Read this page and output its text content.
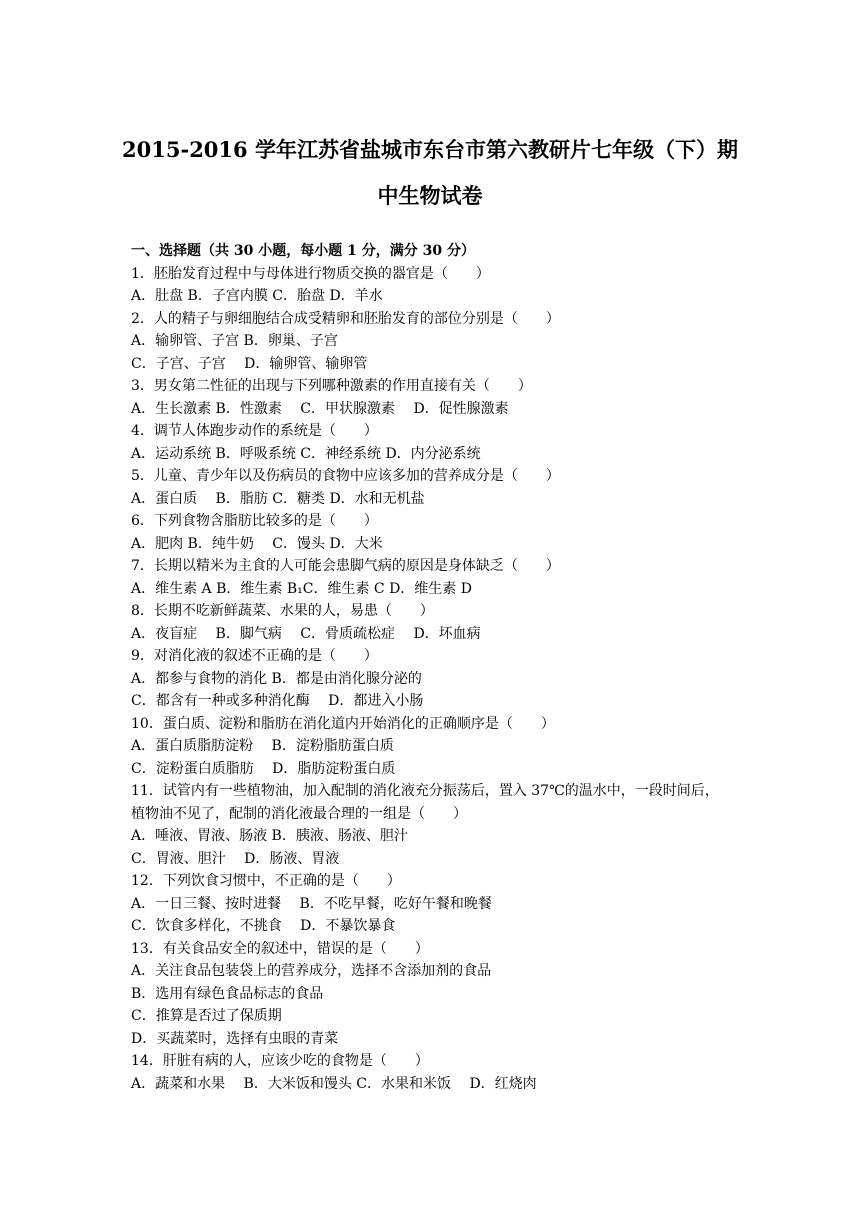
2015-2016 学年江苏省盐城市东台市第六教研片七年级（下）期
中生物试卷
一、选择题（共 30 小题，每小题 1 分，满分 30 分）
1．胚胎发育过程中与母体进行物质交换的器官是（　　）
A．肚盘 B．子宫内膜 C．胎盘 D．羊水
2．人的精子与卵细胞结合成受精卵和胚胎发育的部位分别是（　　）
A．输卵管、子宫 B．卵巢、子宫
C．子宫、子宫　 D．输卵管、输卵管
3．男女第二性征的出现与下列哪种激素的作用直接有关（　　）
A．生长激素 B．性激素　 C．甲状腺激素　 D．促性腺激素
4．调节人体跑步动作的系统是（　　）
A．运动系统 B．呼吸系统 C．神经系统 D．内分泌系统
5．儿童、青少年以及伤病员的食物中应该多加的营养成分是（　　）
A．蛋白质　 B．脂肪 C．糖类 D．水和无机盐
6．下列食物含脂肪比较多的是（　　）
A．肥肉 B．纯牛奶　 C．馒头 D．大米
7．长期以精米为主食的人可能会患脚气病的原因是身体缺乏（　　）
A．维生素 A B．维生素 B₁C．维生素 C D．维生素 D
8．长期不吃新鲜蔬菜、水果的人，易患（　　）
A．夜盲症　 B．脚气病　 C．骨质疏松症　 D．坏血病
9．对消化液的叙述不正确的是（　　）
A．都参与食物的消化 B．都是由消化腺分泌的
C．都含有一种或多种消化酶　 D．都进入小肠
10．蛋白质、淀粉和脂肪在消化道内开始消化的正确顺序是（　　）
A．蛋白质脂肪淀粉　 B．淀粉脂肪蛋白质
C．淀粉蛋白质脂肪　 D．脂肪淀粉蛋白质
11．试管内有一些植物油，加入配制的消化液充分振荡后，置入 37℃的温水中，一段时间后，植物油不见了，配制的消化液最合理的一组是（　　）
A．唾液、胃液、肠液 B．胰液、肠液、胆汁
C．胃液、胆汁　 D．肠液、胃液
12．下列饮食习惯中，不正确的是（　　）
A．一日三餐、按时进餐　 B．不吃早餐，吃好午餐和晚餐
C．饮食多样化，不挑食　 D．不暴饮暴食
13．有关食品安全的叙述中，错误的是（　　）
A．关注食品包装袋上的营养成分，选择不含添加剂的食品
B．选用有绿色食品标志的食品
C．推算是否过了保质期
D．买蔬菜时，选择有虫眼的青菜
14．肝脏有病的人，应该少吃的食物是（　　）
A．蔬菜和水果　 B．大米饭和馒头 C．水果和米饭　 D．红烧肉
